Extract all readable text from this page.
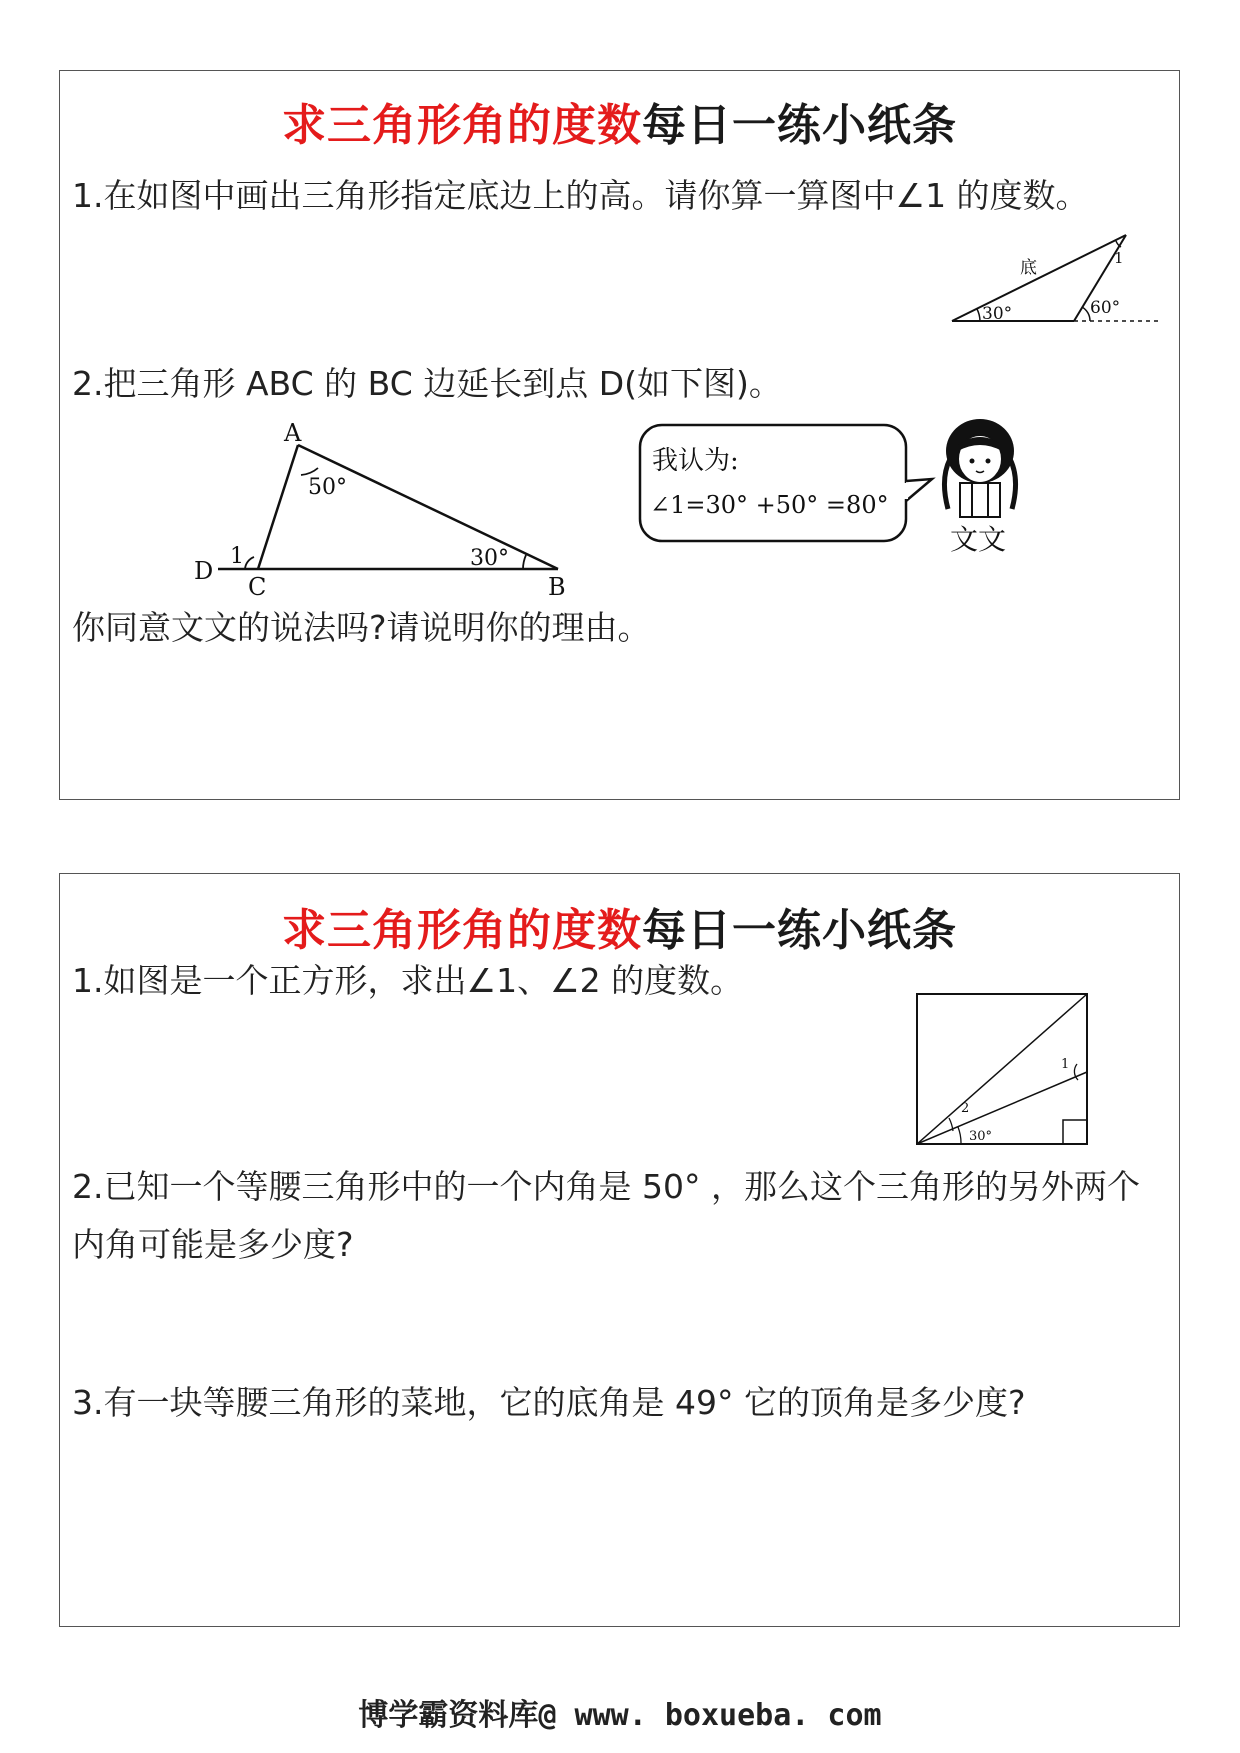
求三角形角的度数每日一练小纸条
1.在如图中画出三角形指定底边上的高。请你算一算图中∠1 的度数。
2.把三角形 ABC 的 BC 边延长到点 D(如下图)。
你同意文文的说法吗?请说明你的理由。
30°	60°
1
底
50°
30°
1
A
B
C
D
我认为:
∠1=30° +50° =80°
文文
求三角形角的度数每日一练小纸条
1.如图是一个正方形，求出∠1、∠2 的度数。
2.已知一个等腰三角形中的一个内角是 50° ，那么这个三角形的另外两个内角可能是多少度?
3.有一块等腰三角形的菜地，它的底角是 49° 它的顶角是多少度?
30°
2
1
博学霸资料库@ www. boxueba. com
